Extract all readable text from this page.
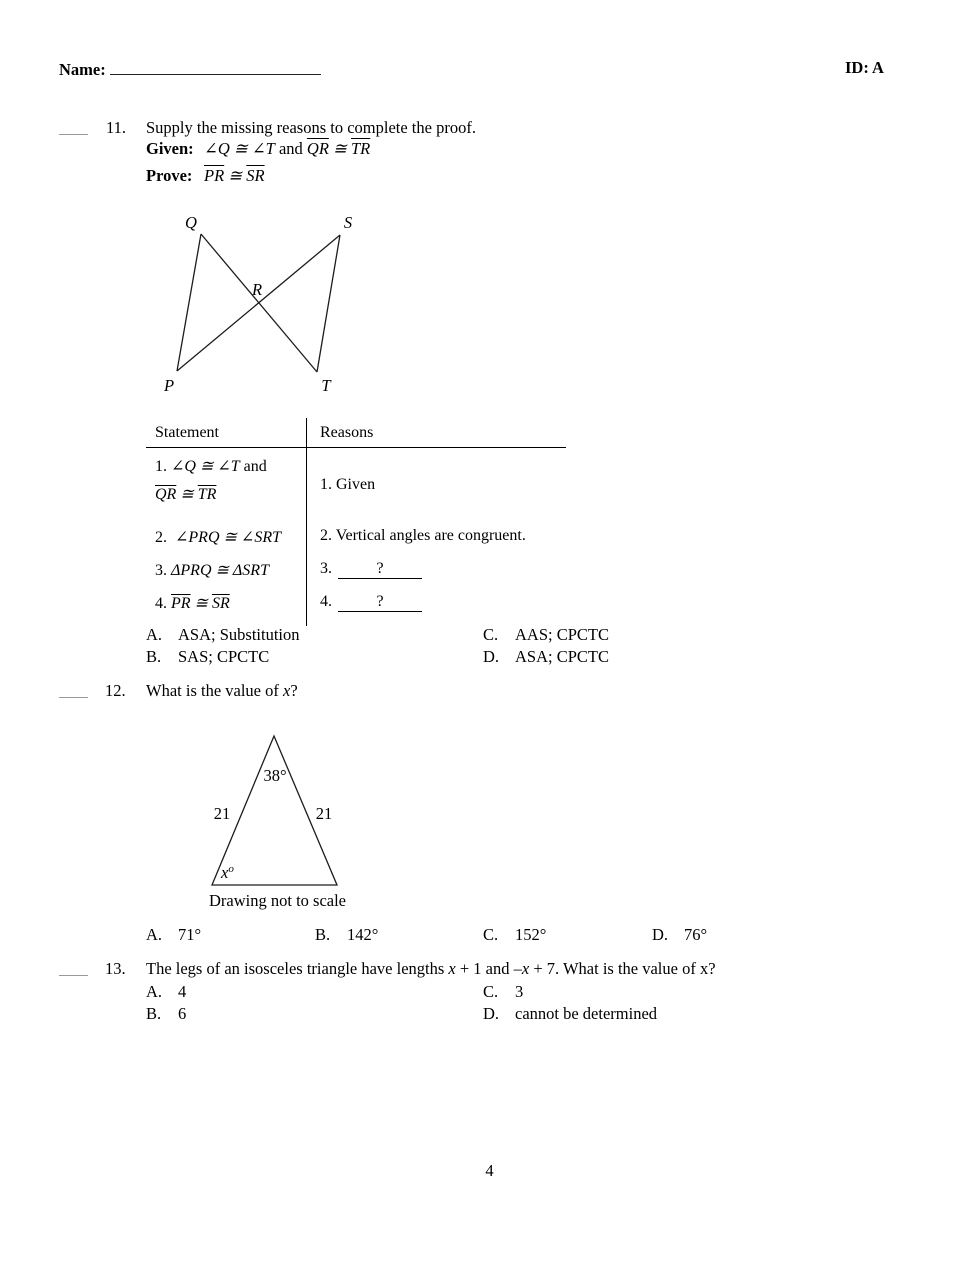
Name:	ID: A
11. Supply the missing reasons to complete the proof.
Given: ∠Q ≅ ∠T and $\overline{QR}$ ≅ $\overline{TR}$
Prove: $\overline{PR}$ ≅ $\overline{SR}$
Q	S
R
P	T
Statement	Reasons
1. ∠Q ≅ ∠T and
$\overline{QR}$ ≅ $\overline{TR}$
1. Given
2. ∠PRQ ≅ ∠SRT	2. Vertical angles are congruent.
3. ΔPRQ ≅ ΔSRT	3.	?
4. $\overline{PR}$ ≅ $\overline{SR}$	4.	?
A. ASA; Substitution	C. AAS; CPCTC
B. SAS; CPCTC	D. ASA; CPCTC
12. What is the value of x?
38°
21	21
$x^o$
Drawing not to scale
A. 71°	B. 142°	C. 152°	D. 76°
13. The legs of an isosceles triangle have lengths x + 1 and –x + 7. What is the value of x?
A. 4	C. 3
B. 6	D. cannot be determined
4
